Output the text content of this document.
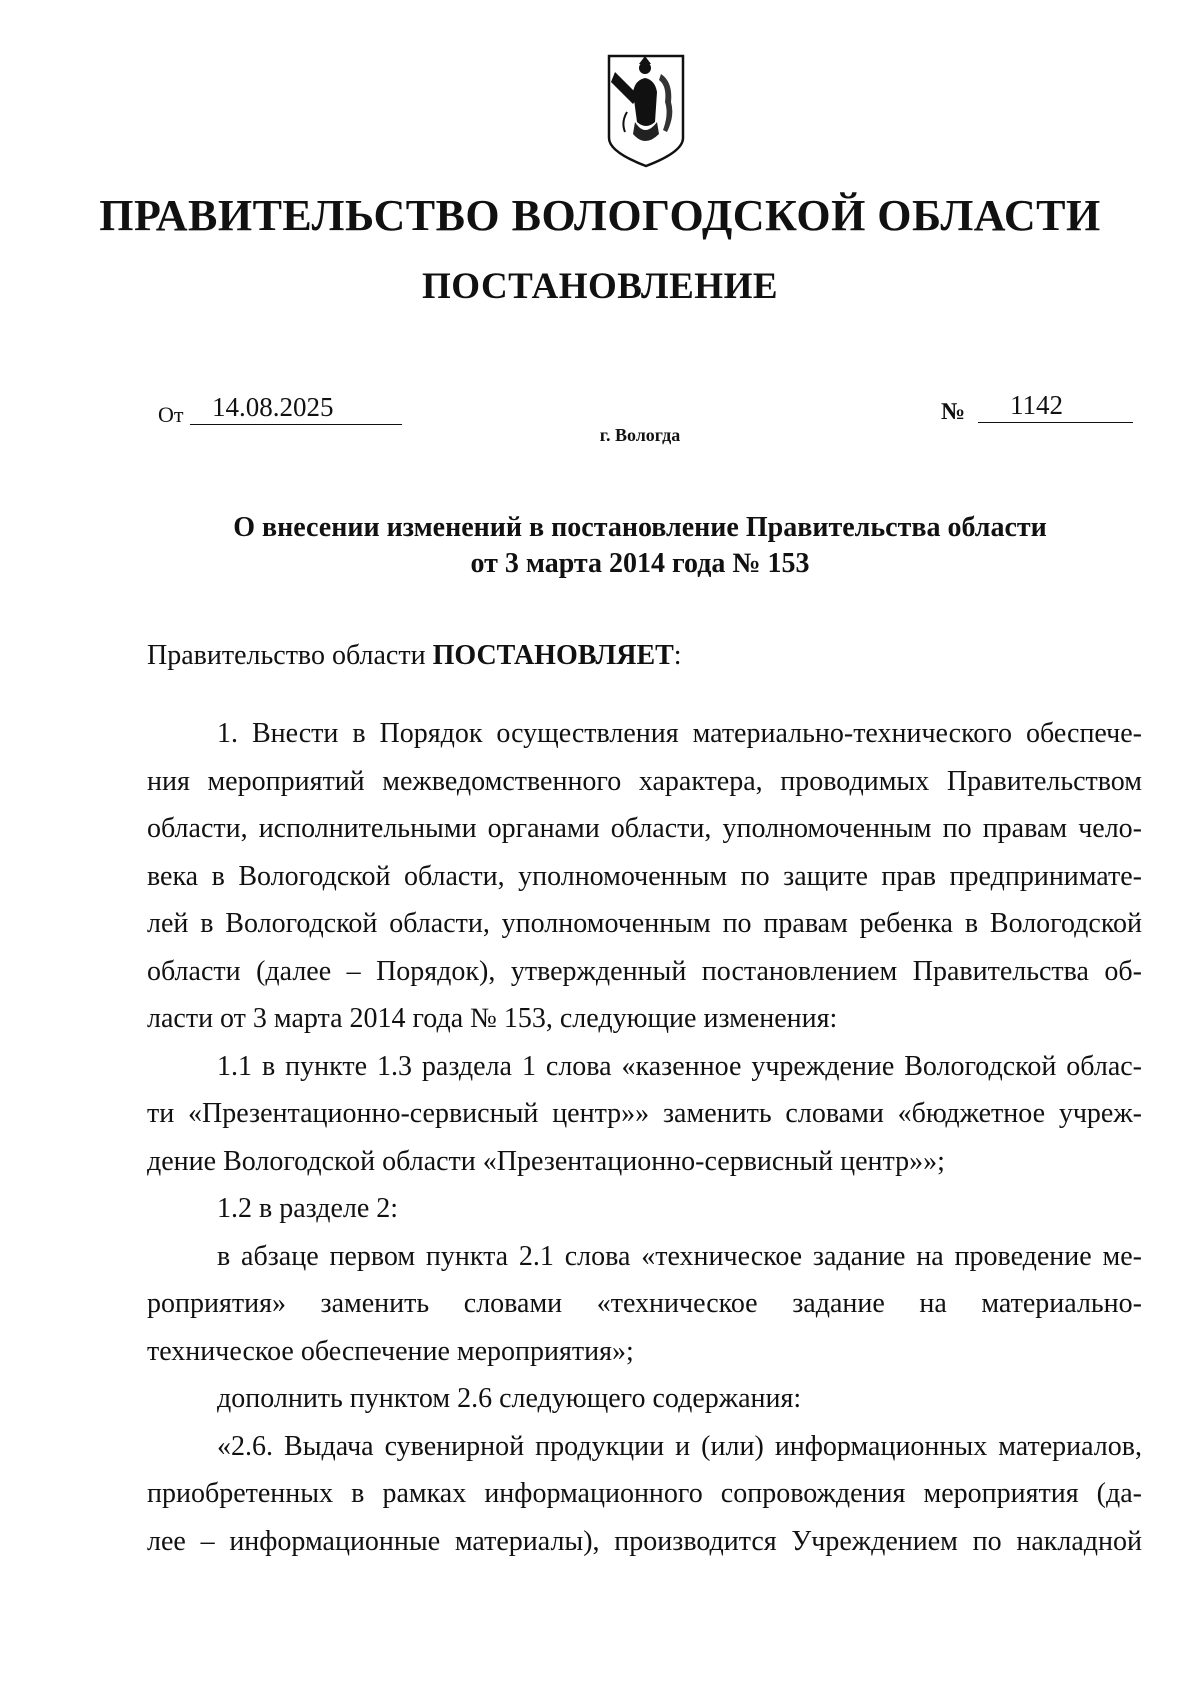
ПРАВИТЕЛЬСТВО ВОЛОГОДСКОЙ ОБЛАСТИ
ПОСТАНОВЛЕНИЕ
От	14.08.2025	№	1142
г. Вологда
О внесении изменений в постановление Правительства области
от 3 марта 2014 года № 153
Правительство области ПОСТАНОВЛЯЕТ:
1. Внести в Порядок осуществления материально-технического обеспече-
ния мероприятий межведомственного характера, проводимых Правительством
области, исполнительными органами области, уполномоченным по правам чело-
века в Вологодской области, уполномоченным по защите прав предпринимате-
лей в Вологодской области, уполномоченным по правам ребенка в Вологодской
области (далее – Порядок), утвержденный постановлением Правительства об-
ласти от 3 марта 2014 года № 153, следующие изменения:
1.1 в пункте 1.3 раздела 1 слова «казенное учреждение Вологодской облас-
ти «Презентационно-сервисный центр»» заменить словами «бюджетное учреж-
дение Вологодской области «Презентационно-сервисный центр»»;
1.2 в разделе 2:
в абзаце первом пункта 2.1 слова «техническое задание на проведение ме-
роприятия» заменить словами «техническое задание на материально-
техническое обеспечение мероприятия»;
дополнить пунктом 2.6 следующего содержания:
«2.6. Выдача сувенирной продукции и (или) информационных материалов,
приобретенных в рамках информационного сопровождения мероприятия (да-
лее – информационные материалы), производится Учреждением по накладной
